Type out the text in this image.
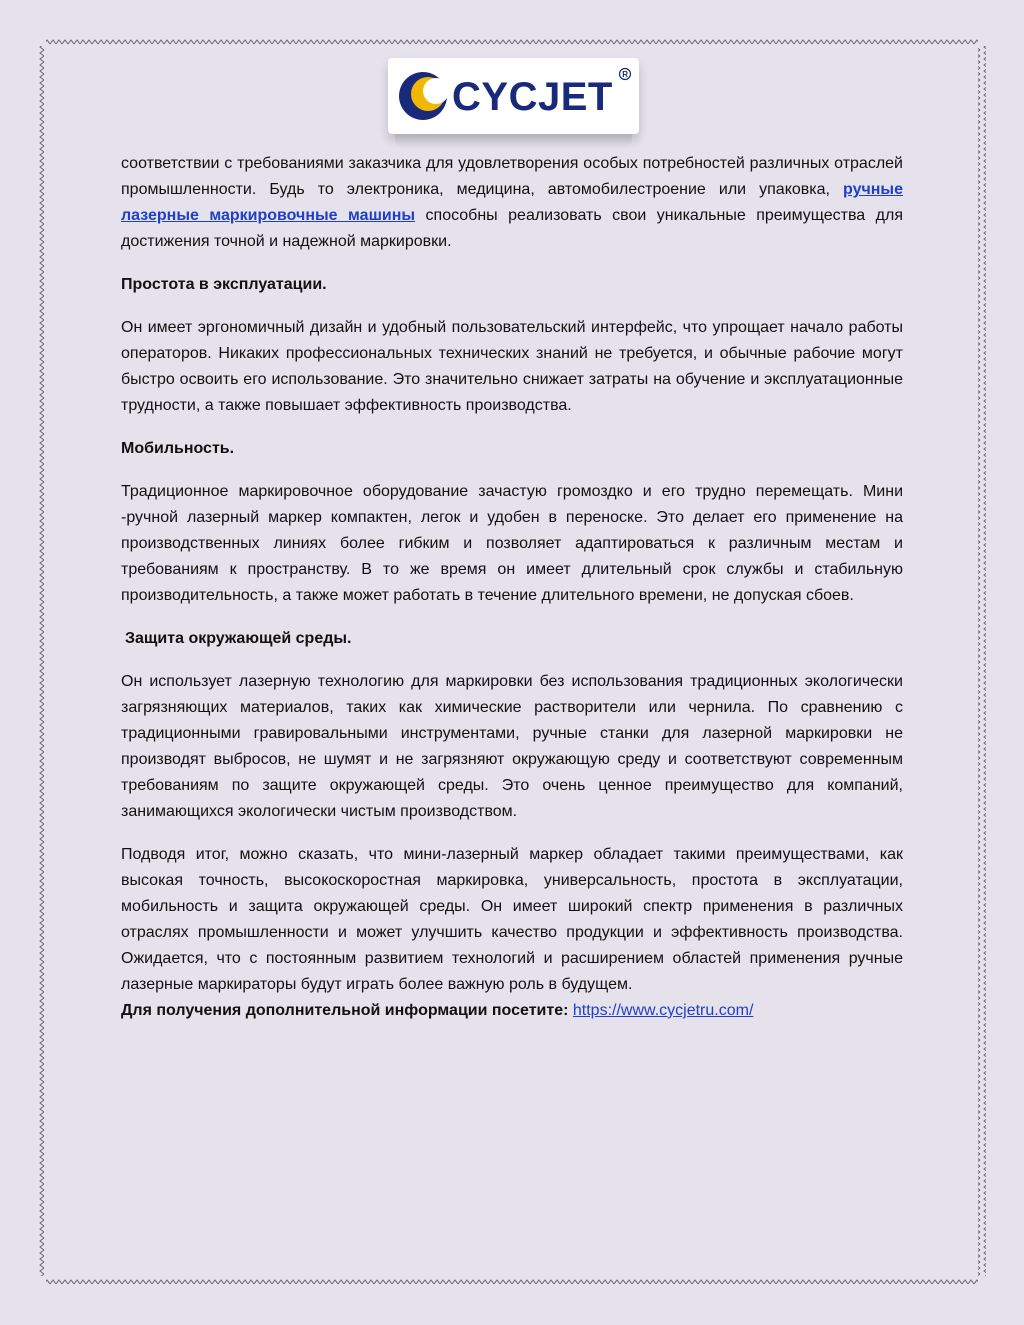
CYCJET
R

соответствии с требованиями заказчика для удовлетворения особых потребностей различных отраслей промышленности. Будь то электроника, медицина, автомобилестроение или упаковка, ручные лазерные маркировочные машины способны реализовать свои уникальные преимущества для достижения точной и надежной маркировки.

Простота в эксплуатации.

Он имеет эргономичный дизайн и удобный пользовательский интерфейс, что упрощает начало работы операторов. Никаких профессиональных технических знаний не требуется, и обычные рабочие могут быстро освоить его использование. Это значительно снижает затраты на обучение и эксплуатационные трудности, а также повышает эффективность производства.

Мобильность.

Традиционное маркировочное оборудование зачастую громоздко и его трудно перемещать. Мини -ручной лазерный маркер компактен, легок и удобен в переноске. Это делает его применение на производственных линиях более гибким и позволяет адаптироваться к различным местам и требованиям к пространству. В то же время он имеет длительный срок службы и стабильную производительность, а также может работать в течение длительного времени, не допуская сбоев.

Защита окружающей среды.

Он использует лазерную технологию для маркировки без использования традиционных экологически загрязняющих материалов, таких как химические растворители или чернила. По сравнению с традиционными гравировальными инструментами, ручные станки для лазерной маркировки не производят выбросов, не шумят и не загрязняют окружающую среду и соответствуют современным требованиям по защите окружающей среды. Это очень ценное преимущество для компаний, занимающихся экологически чистым производством.

Подводя итог, можно сказать, что мини-лазерный маркер обладает такими преимуществами, как высокая точность, высокоскоростная маркировка, универсальность, простота в эксплуатации, мобильность и защита окружающей среды. Он имеет широкий спектр применения в различных отраслях промышленности и может улучшить качество продукции и эффективность производства. Ожидается, что с постоянным развитием технологий и расширением областей применения ручные лазерные маркираторы будут играть более важную роль в будущем.

Для получения дополнительной информации посетите: https://www.cycjetru.com/
